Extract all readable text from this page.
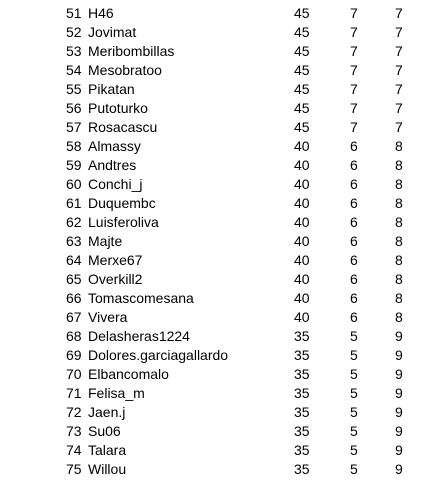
51 H46	45	7	7
52 Jovimat	45	7	7
53 Meribombillas	45	7	7
54 Mesobratoo	45	7	7
55 Pikatan	45	7	7
56 Putoturko	45	7	7
57 Rosacascu	45	7	7
58 Almassy	40	6	8
59 Andtres	40	6	8
60 Conchi_j	40	6	8
61 Duquembc	40	6	8
62 Luisferoliva	40	6	8
63 Majte	40	6	8
64 Merxe67	40	6	8
65 Overkill2	40	6	8
66 Tomascomesana	40	6	8
67 Vivera	40	6	8
68 Delasheras1224	35	5	9
69 Dolores.garciagallardo	35	5	9
70 Elbancomalo	35	5	9
71 Felisa_m	35	5	9
72 Jaen.j	35	5	9
73 Su06	35	5	9
74 Talara	35	5	9
75 Willou	35	5	9
